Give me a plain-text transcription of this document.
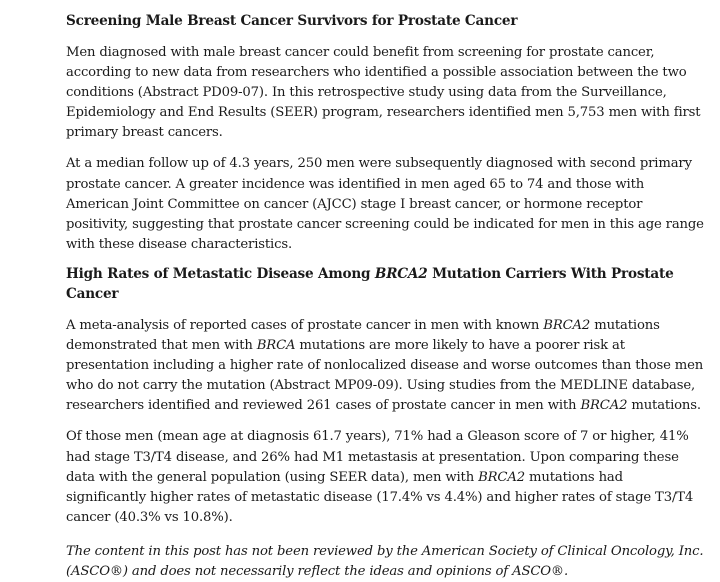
Screening Male Breast Cancer Survivors for Prostate Cancer

Men diagnosed with male breast cancer could benefit from screening for prostate cancer, according to new data from researchers who identified a possible association between the two conditions (Abstract PD09-07). In this retrospective study using data from the Surveillance, Epidemiology and End Results (SEER) program, researchers identified men 5,753 men with first primary breast cancers.

At a median follow up of 4.3 years, 250 men were subsequently diagnosed with second primary prostate cancer. A greater incidence was identified in men aged 65 to 74 and those with American Joint Committee on cancer (AJCC) stage I breast cancer, or hormone receptor positivity, suggesting that prostate cancer screening could be indicated for men in this age range with these disease characteristics.

High Rates of Metastatic Disease Among BRCA2 Mutation Carriers With Prostate Cancer

A meta-analysis of reported cases of prostate cancer in men with known BRCA2 mutations demonstrated that men with BRCA mutations are more likely to have a poorer risk at presentation including a higher rate of nonlocalized disease and worse outcomes than those men who do not carry the mutation (Abstract MP09-09). Using studies from the MEDLINE database, researchers identified and reviewed 261 cases of prostate cancer in men with BRCA2 mutations.

Of those men (mean age at diagnosis 61.7 years), 71% had a Gleason score of 7 or higher, 41% had stage T3/T4 disease, and 26% had M1 metastasis at presentation. Upon comparing these data with the general population (using SEER data), men with BRCA2 mutations had significantly higher rates of metastatic disease (17.4% vs 4.4%) and higher rates of stage T3/T4 cancer (40.3% vs 10.8%).

The content in this post has not been reviewed by the American Society of Clinical Oncology, Inc. (ASCO®) and does not necessarily reflect the ideas and opinions of ASCO®.
